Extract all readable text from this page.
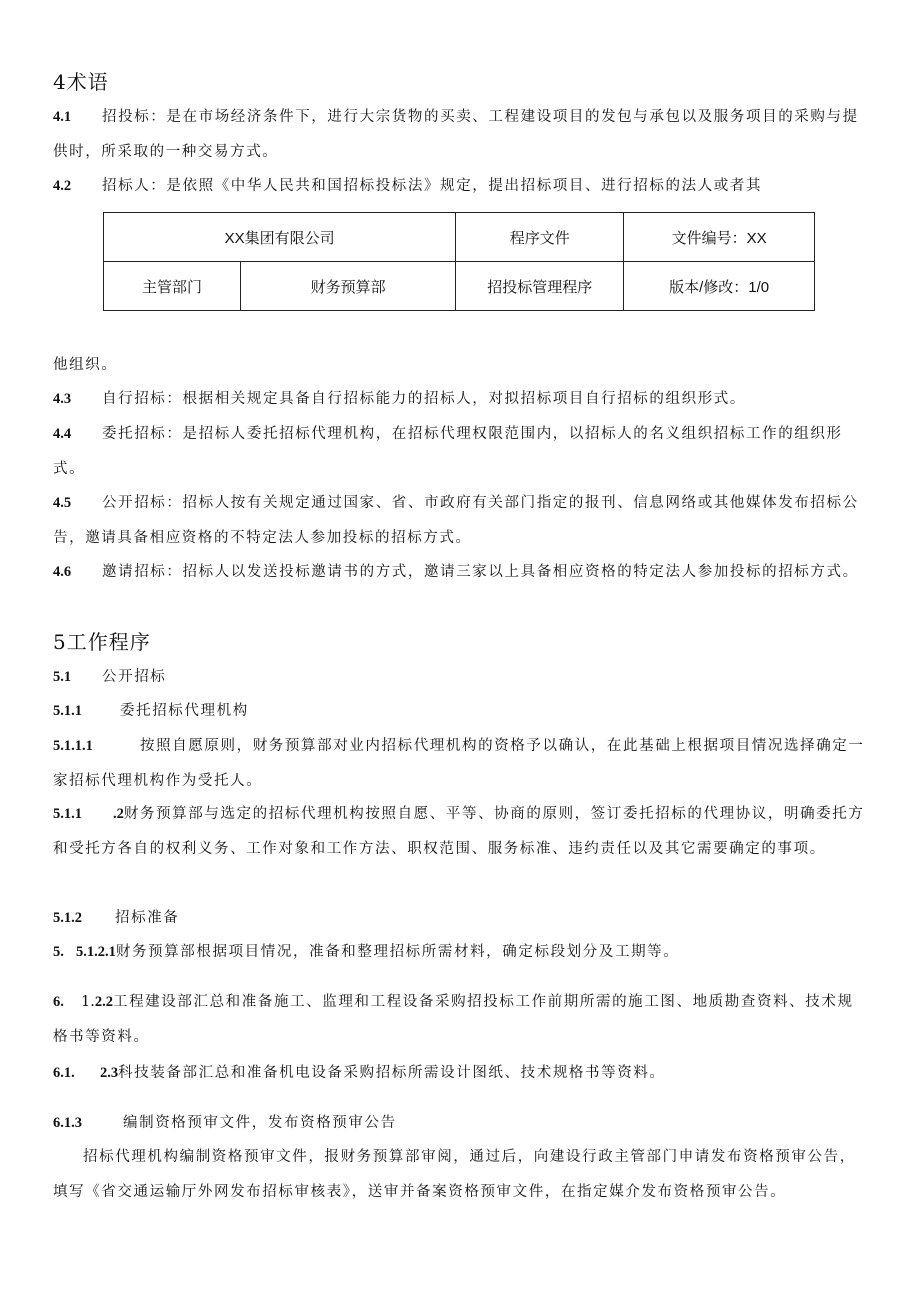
4术语
4.1 招投标：是在市场经济条件下，进行大宗货物的买卖、工程建设项目的发包与承包以及服务项目的采购与提供时，所采取的一种交易方式。
4.2 招标人：是依照《中华人民共和国招标投标法》规定，提出招标项目、进行招标的法人或者其
XX集团有限公司		程序文件	文件编号：XX
主管部门	财务预算部	招投标管理程序	版本/修改：1/0
他组织。
4.3 自行招标：根据相关规定具备自行招标能力的招标人，对拟招标项目自行招标的组织形式。
4.4 委托招标：是招标人委托招标代理机构，在招标代理权限范围内，以招标人的名义组织招标工作的组织形式。
4.5 公开招标：招标人按有关规定通过国家、省、市政府有关部门指定的报刊、信息网络或其他媒体发布招标公告，邀请具备相应资格的不特定法人参加投标的招标方式。
4.6 邀请招标：招标人以发送投标邀请书的方式，邀请三家以上具备相应资格的特定法人参加投标的招标方式。
5工作程序
5.1 公开招标
5.1.1	委托招标代理机构
5.1.1.1	按照自愿原则，财务预算部对业内招标代理机构的资格予以确认，在此基础上根据项目情况选择确定一家招标代理机构作为受托人。
5.1.1 .2财务预算部与选定的招标代理机构按照自愿、平等、协商的原则，签订委托招标的代理协议，明确委托方和受托方各自的权利义务、工作对象和工作方法、职权范围、服务标准、违约责任以及其它需要确定的事项。
5.1.2 招标准备
5. 5.1.2.1财务预算部根据项目情况，准备和整理招标所需材料，确定标段划分及工期等。
6. 1.2.2工程建设部汇总和准备施工、监理和工程设备采购招投标工作前期所需的施工图、地质勘查资料、技术规格书等资料。
6.1. 2.3科技装备部汇总和准备机电设备采购招标所需设计图纸、技术规格书等资料。
6.1.3	编制资格预审文件，发布资格预审公告
招标代理机构编制资格预审文件，报财务预算部审阅，通过后，向建设行政主管部门申请发布资格预审公告，填写《省交通运输厅外网发布招标审核表》，送审并备案资格预审文件，在指定媒介发布资格预审公告。
